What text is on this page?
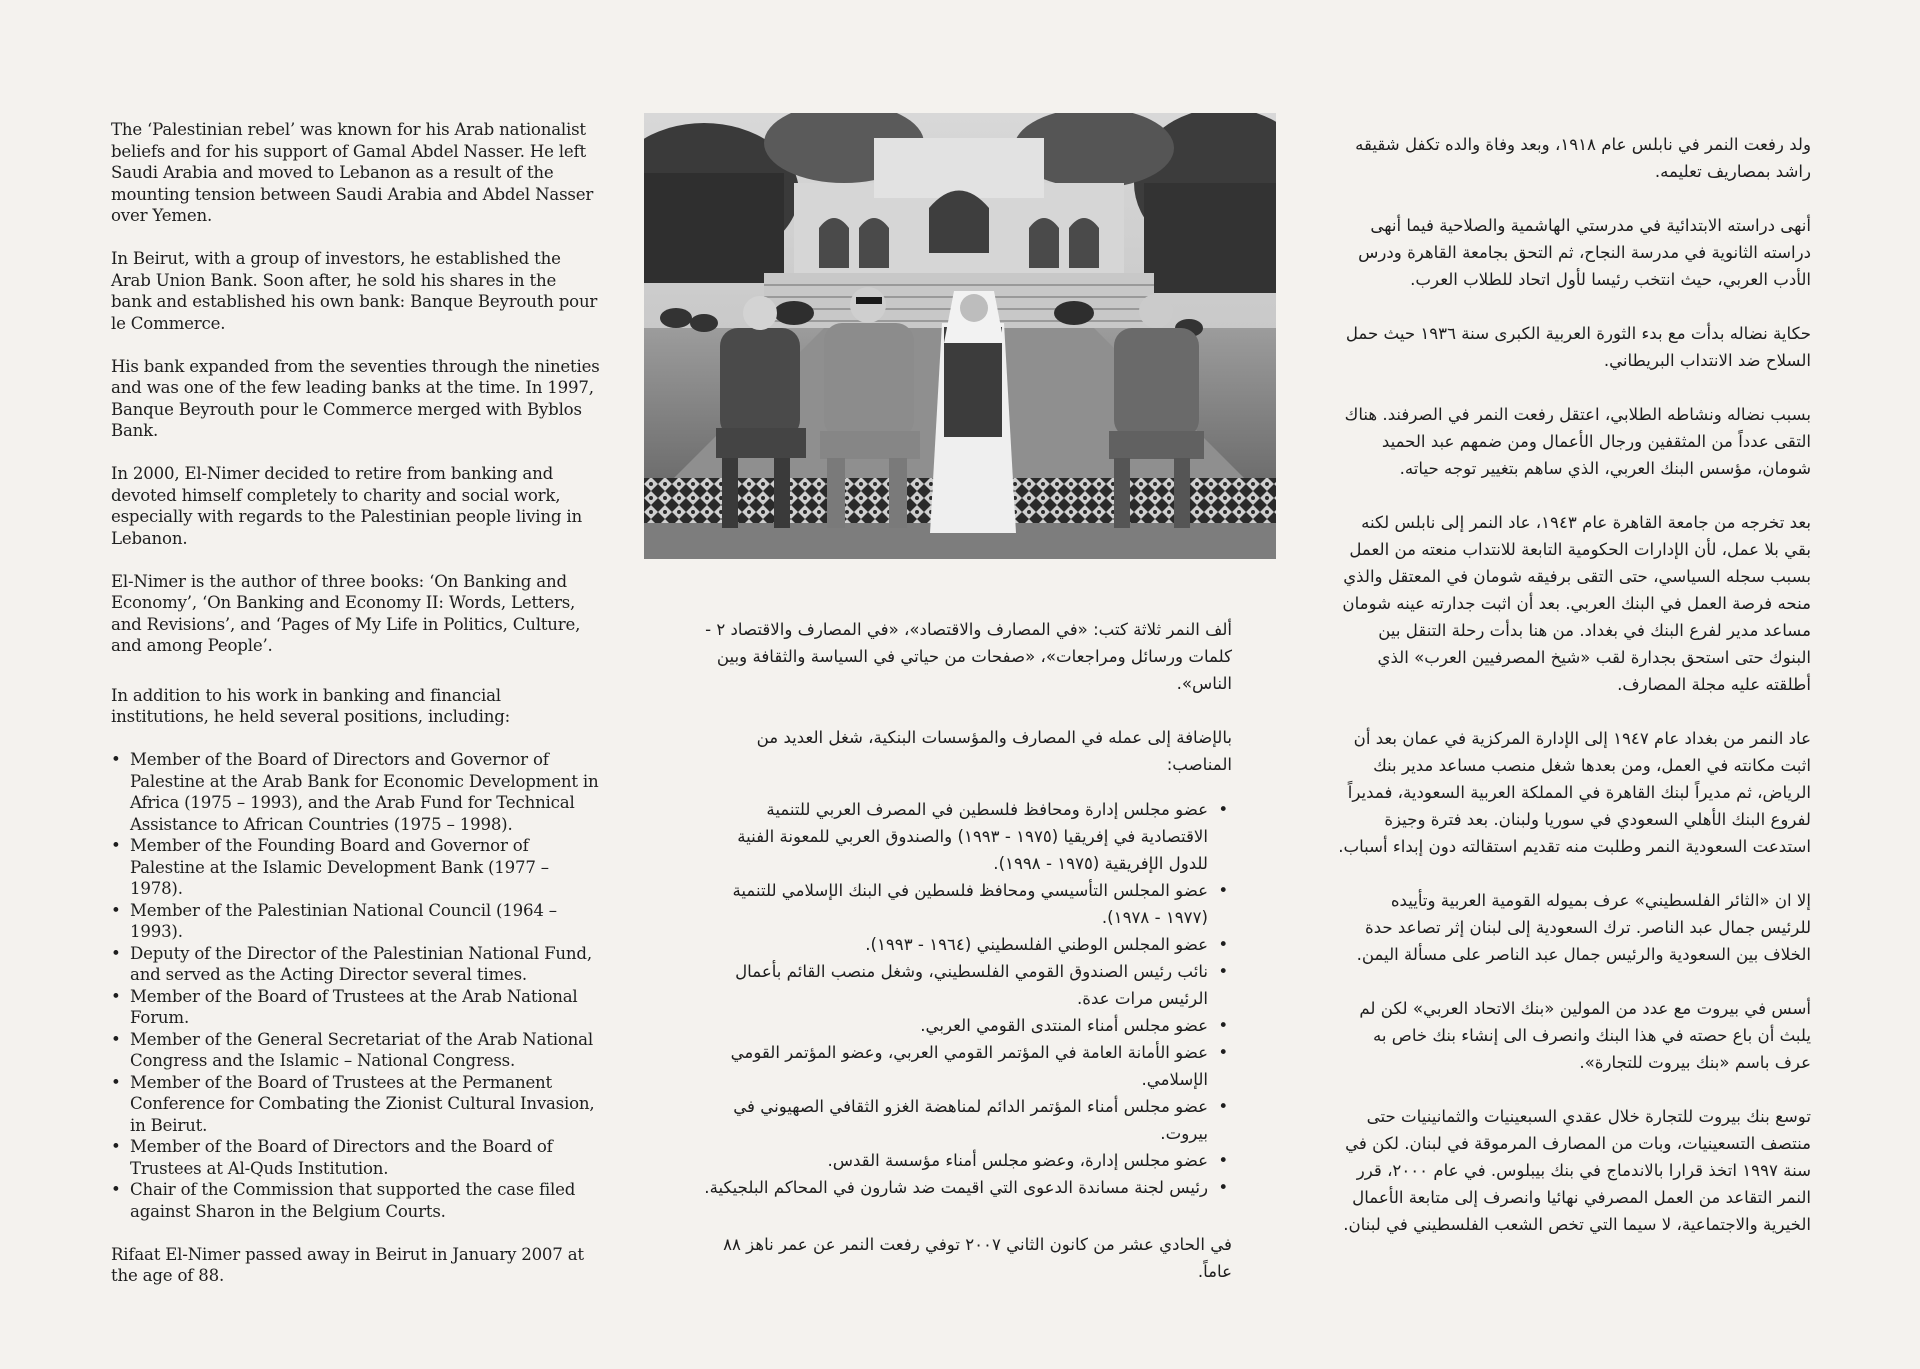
The ‘Palestinian rebel’ was known for his Arab nationalist beliefs and for his support of Gamal Abdel Nasser. He left Saudi Arabia and moved to Lebanon as a result of the mounting tension between Saudi Arabia and Abdel Nasser over Yemen.

In Beirut, with a group of investors, he established the Arab Union Bank. Soon after, he sold his shares in the bank and established his own bank: Banque Beyrouth pour le Commerce.

His bank expanded from the seventies through the nineties and was one of the few leading banks at the time. In 1997, Banque Beyrouth pour le Commerce merged with Byblos Bank.

In 2000, El-Nimer decided to retire from banking and devoted himself completely to charity and social work, especially with regards to the Palestinian people living in Lebanon.

El-Nimer is the author of three books: ‘On Banking and Economy’, ‘On Banking and Economy II: Words, Letters, and Revisions’, and ‘Pages of My Life in Politics, Culture, and among People’.

In addition to his work in banking and financial institutions, he held several positions, including:

• Member of the Board of Directors and Governor of Palestine at the Arab Bank for Economic Development in Africa (1975 – 1993), and the Arab Fund for Technical Assistance to African Countries (1975 – 1998).
• Member of the Founding Board and Governor of Palestine at the Islamic Development Bank (1977 – 1978).
• Member of the Palestinian National Council (1964 – 1993).
• Deputy of the Director of the Palestinian National Fund, and served as the Acting Director several times.
• Member of the Board of Trustees at the Arab National Forum.
• Member of the General Secretariat of the Arab National Congress and the Islamic – National Congress.
• Member of the Board of Trustees at the Permanent Conference for Combating the Zionist Cultural Invasion, in Beirut.
• Member of the Board of Directors and the Board of Trustees at Al-Quds Institution.
• Chair of the Commission that supported the case filed against Sharon in the Belgium Courts.

Rifaat El-Nimer passed away in Beirut in January 2007 at the age of 88.

ألف النمر ثلاثة كتب: «في المصارف والاقتصاد»، «في المصارف والاقتصاد ٢ - كلمات ورسائل ومراجعات»، «صفحات من حياتي في السياسة والثقافة وبين الناس».

بالإضافة إلى عمله في المصارف والمؤسسات البنكية، شغل العديد من المناصب:

• عضو مجلس إدارة ومحافظ فلسطين في المصرف العربي للتنمية الاقتصادية في إفريقيا (١٩٧٥ - ١٩٩٣) والصندوق العربي للمعونة الفنية للدول الإفريقية (١٩٧٥ - ١٩٩٨).
• عضو المجلس التأسيسي ومحافظ فلسطين في البنك الإسلامي للتنمية (١٩٧٧ - ١٩٧٨).
• عضو المجلس الوطني الفلسطيني (١٩٦٤ - ١٩٩٣).
• نائب رئيس الصندوق القومي الفلسطيني، وشغل منصب القائم بأعمال الرئيس مرات عدة.
• عضو مجلس أمناء المنتدى القومي العربي.
• عضو الأمانة العامة في المؤتمر القومي العربي، وعضو المؤتمر القومي الإسلامي.
• عضو مجلس أمناء المؤتمر الدائم لمناهضة الغزو الثقافي الصهيوني في بيروت.
• عضو مجلس إدارة، وعضو مجلس أمناء مؤسسة القدس.
• رئيس لجنة مساندة الدعوى التي اقيمت ضد شارون في المحاكم البلجيكية.

في الحادي عشر من كانون الثاني ٢٠٠٧ توفي رفعت النمر عن عمر ناهز ٨٨ عاماً.

ولد رفعت النمر في نابلس عام ١٩١٨، وبعد وفاة والده تكفل شقيقه راشد بمصاريف تعليمه.

أنهى دراسته الابتدائية في مدرستي الهاشمية والصلاحية فيما أنهى دراسته الثانوية في مدرسة النجاح، ثم التحق بجامعة القاهرة ودرس الأدب العربي، حيث انتخب رئيسا لأول اتحاد للطلاب العرب.

حكاية نضاله بدأت مع بدء الثورة العربية الكبرى سنة ١٩٣٦ حيث حمل السلاح ضد الانتداب البريطاني.

بسبب نضاله ونشاطه الطلابي، اعتقل رفعت النمر في الصرفند. هناك التقى عدداً من المثقفين ورجال الأعمال ومن ضمهم عبد الحميد شومان، مؤسس البنك العربي، الذي ساهم بتغيير توجه حياته.

بعد تخرجه من جامعة القاهرة عام ١٩٤٣، عاد النمر إلى نابلس لكنه بقي بلا عمل، لأن الإدارات الحكومية التابعة للانتداب منعته من العمل بسبب سجله السياسي، حتى التقى برفيقه شومان في المعتقل والذي منحه فرصة العمل في البنك العربي. بعد أن اثبت جدارته عينه شومان مساعد مدير لفرع البنك في بغداد. من هنا بدأت رحلة التنقل بين البنوك حتى استحق بجدارة لقب «شيخ المصرفيين العرب» الذي أطلقته عليه مجلة المصارف.

عاد النمر من بغداد عام ١٩٤٧ إلى الإدارة المركزية في عمان بعد أن اثبت مكانته في العمل، ومن بعدها شغل منصب مساعد مدير بنك الرياض، ثم مديراً لبنك القاهرة في المملكة العربية السعودية، فمديراً لفروع البنك الأهلي السعودي في سوريا ولبنان. بعد فترة وجيزة استدعت السعودية النمر وطلبت منه تقديم استقالته دون إبداء أسباب.

إلا ان «الثائر الفلسطيني» عرف بميوله القومية العربية وتأييده للرئيس جمال عبد الناصر. ترك السعودية إلى لبنان إثر تصاعد حدة الخلاف بين السعودية والرئيس جمال عبد الناصر على مسألة اليمن.

أسس في بيروت مع عدد من المولين «بنك الاتحاد العربي» لكن لم يلبث أن باع حصته في هذا البنك وانصرف الى إنشاء بنك خاص به عرف باسم «بنك بيروت للتجارة».

توسع بنك بيروت للتجارة خلال عقدي السبعينيات والثمانينيات حتى منتصف التسعينيات، وبات من المصارف المرموقة في لبنان. لكن في سنة ١٩٩٧ اتخذ قرارا بالاندماج في بنك بيبلوس. في عام ٢٠٠٠، قرر النمر التقاعد من العمل المصرفي نهائيا وانصرف إلى متابعة الأعمال الخيرية والاجتماعية، لا سيما التي تخص الشعب الفلسطيني في لبنان.
